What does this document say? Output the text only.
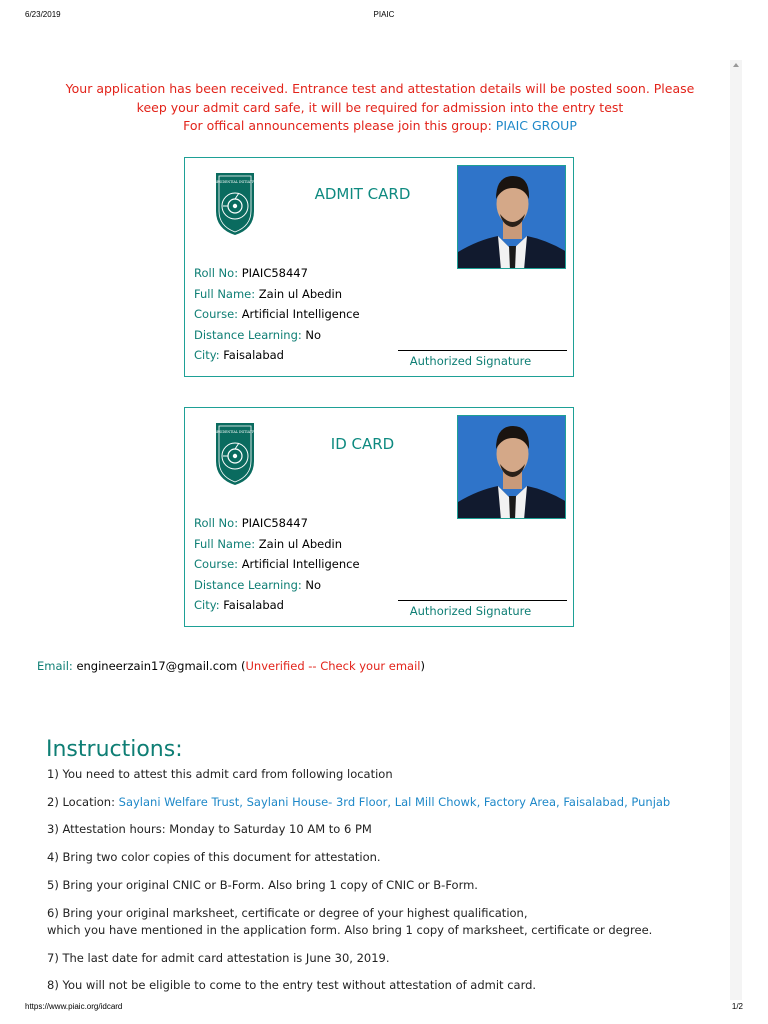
6/23/2019	PIAIC
Your application has been received. Entrance test and attestation details will be posted soon. Please
keep your admit card safe, it will be required for admission into the entry test
For offical announcements please join this group: PIAIC GROUP
PRESIDENTIAL INITIATIVE
ADMIT CARD
Roll No: PIAIC58447
Full Name: Zain ul Abedin
Course: Artificial Intelligence
Distance Learning: No
City: Faisalabad	Authorized Signature
PRESIDENTIAL INITIATIVE
ID CARD
Roll No: PIAIC58447
Full Name: Zain ul Abedin
Course: Artificial Intelligence
Distance Learning: No
City: Faisalabad	Authorized Signature
Email: engineerzain17@gmail.com (Unverified -- Check your email)
Instructions:
1) You need to attest this admit card from following location
2) Location: Saylani Welfare Trust, Saylani House- 3rd Floor, Lal Mill Chowk, Factory Area, Faisalabad, Punjab
3) Attestation hours: Monday to Saturday 10 AM to 6 PM
4) Bring two color copies of this document for attestation.
5) Bring your original CNIC or B-Form. Also bring 1 copy of CNIC or B-Form.
6) Bring your original marksheet, certificate or degree of your highest qualification,
which you have mentioned in the application form. Also bring 1 copy of marksheet, certificate or degree.
7) The last date for admit card attestation is June 30, 2019.
8) You will not be eligible to come to the entry test without attestation of admit card.
https://www.piaic.org/idcard	1/2
